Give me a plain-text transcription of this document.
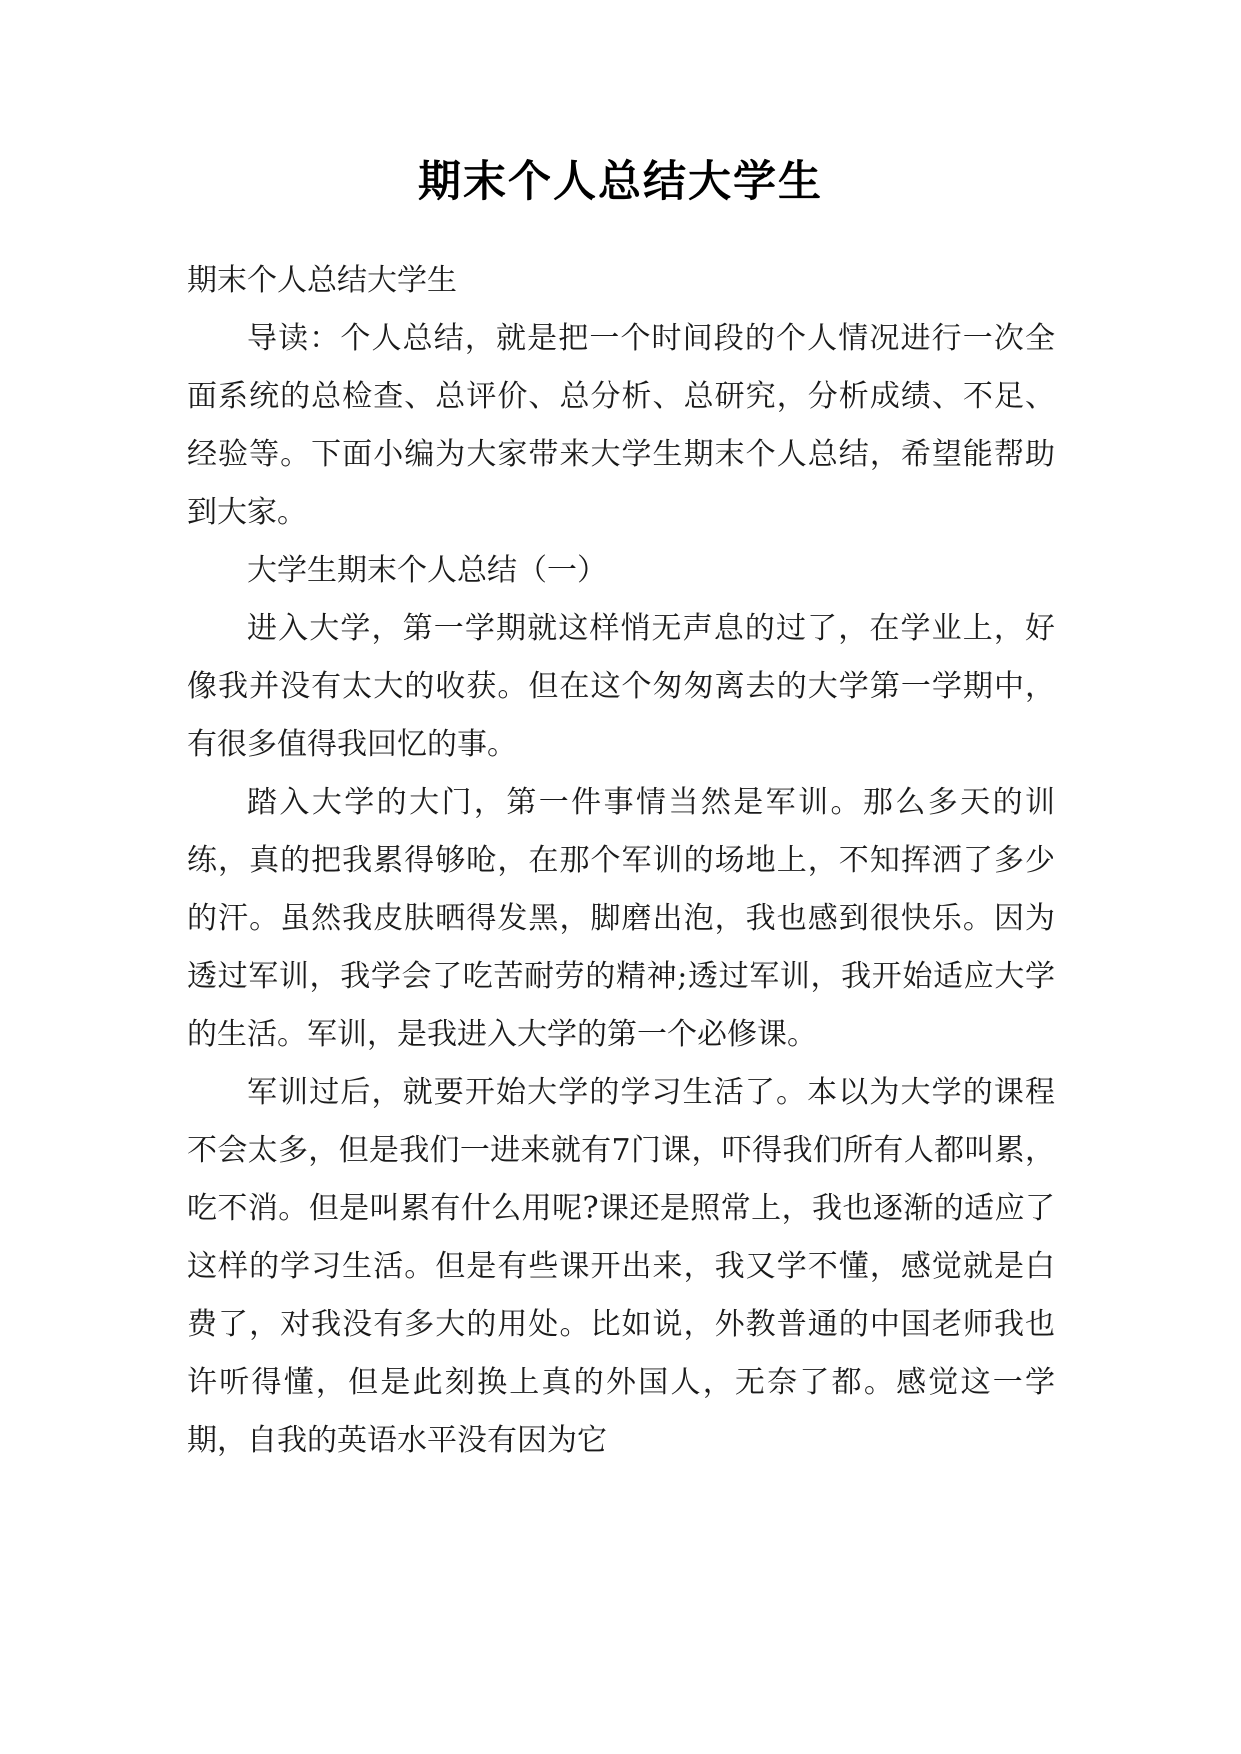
期末个人总结大学生

期末个人总结大学生

导读：个人总结，就是把一个时间段的个人情况进行一次全面系统的总检查、总评价、总分析、总研究，分析成绩、不足、经验等。下面小编为大家带来大学生期末个人总结，希望能帮助到大家。

大学生期末个人总结（一）

进入大学，第一学期就这样悄无声息的过了，在学业上，好像我并没有太大的收获。但在这个匆匆离去的大学第一学期中，有很多值得我回忆的事。

踏入大学的大门，第一件事情当然是军训。那么多天的训练，真的把我累得够呛，在那个军训的场地上，不知挥洒了多少的汗。虽然我皮肤晒得发黑，脚磨出泡，我也感到很快乐。因为透过军训，我学会了吃苦耐劳的精神;透过军训，我开始适应大学的生活。军训，是我进入大学的第一个必修课。

军训过后，就要开始大学的学习生活了。本以为大学的课程不会太多，但是我们一进来就有7门课，吓得我们所有人都叫累，吃不消。但是叫累有什么用呢?课还是照常上，我也逐渐的适应了这样的学习生活。但是有些课开出来，我又学不懂，感觉就是白费了，对我没有多大的用处。比如说，外教普通的中国老师我也许听得懂，但是此刻换上真的外国人，无奈了都。感觉这一学期，自我的英语水平没有因为它
